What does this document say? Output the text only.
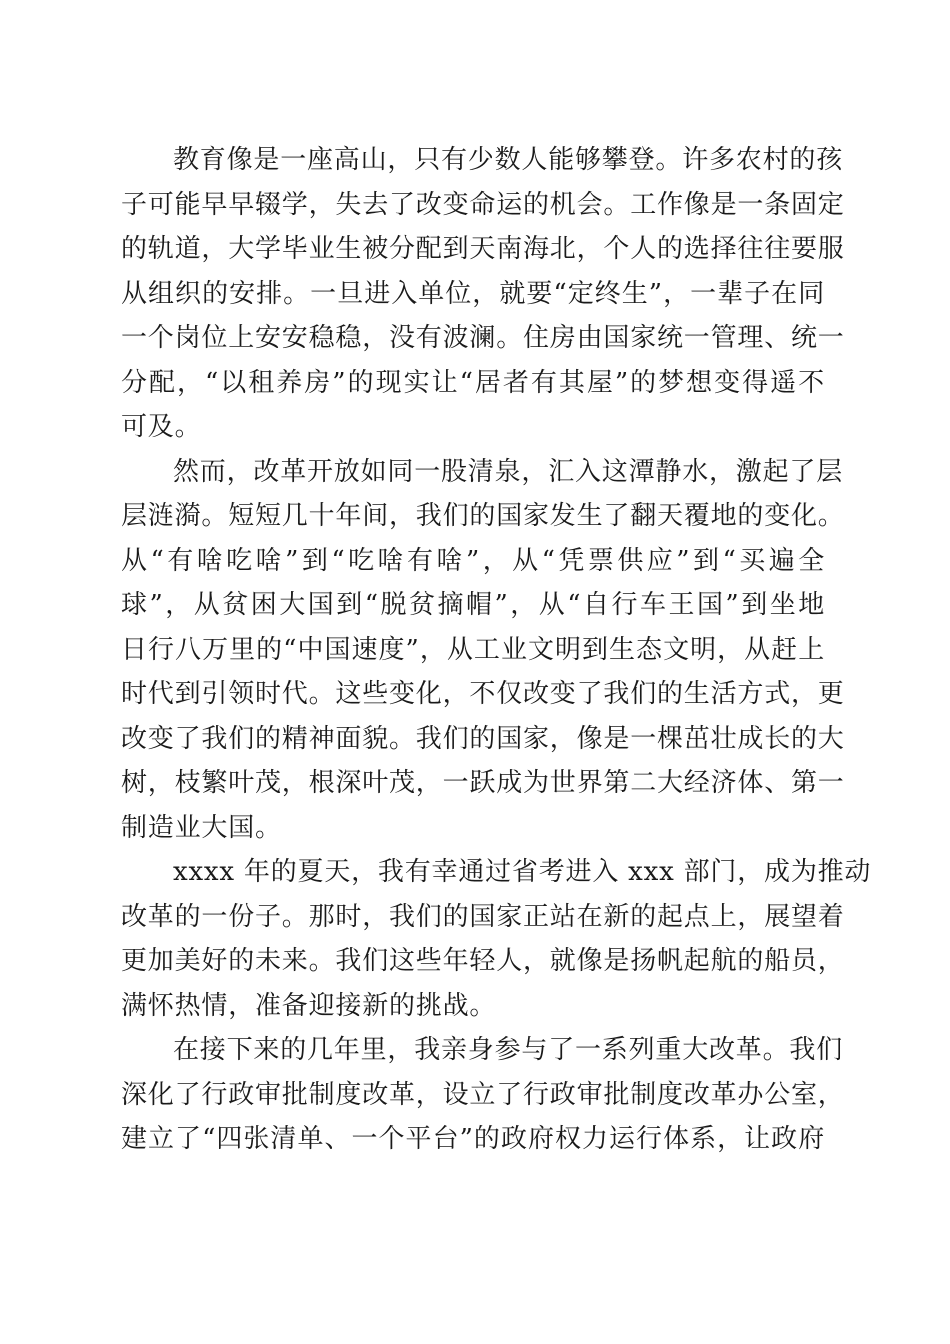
教育像是一座高山，只有少数人能够攀登。许多农村的孩
子可能早早辍学，失去了改变命运的机会。工作像是一条固定
的轨道，大学毕业生被分配到天南海北，个人的选择往往要服
从组织的安排。一旦进入单位，就要“定终生”，一辈子在同
一个岗位上安安稳稳，没有波澜。住房由国家统一管理、统一
分配，“以租养房”的现实让“居者有其屋”的梦想变得遥不
可及。
然而，改革开放如同一股清泉，汇入这潭静水，激起了层
层涟漪。短短几十年间，我们的国家发生了翻天覆地的变化。
从“有啥吃啥”到“吃啥有啥”，从“凭票供应”到“买遍全
球”，从贫困大国到“脱贫摘帽”，从“自行车王国”到坐地
日行八万里的“中国速度”，从工业文明到生态文明，从赶上
时代到引领时代。这些变化，不仅改变了我们的生活方式，更
改变了我们的精神面貌。我们的国家，像是一棵茁壮成长的大
树，枝繁叶茂，根深叶茂，一跃成为世界第二大经济体、第一
制造业大国。
xxxx 年的夏天，我有幸通过省考进入 xxx 部门，成为推动
改革的一份子。那时，我们的国家正站在新的起点上，展望着
更加美好的未来。我们这些年轻人，就像是扬帆起航的船员，
满怀热情，准备迎接新的挑战。
在接下来的几年里，我亲身参与了一系列重大改革。我们
深化了行政审批制度改革，设立了行政审批制度改革办公室，
建立了“四张清单、一个平台”的政府权力运行体系，让政府
